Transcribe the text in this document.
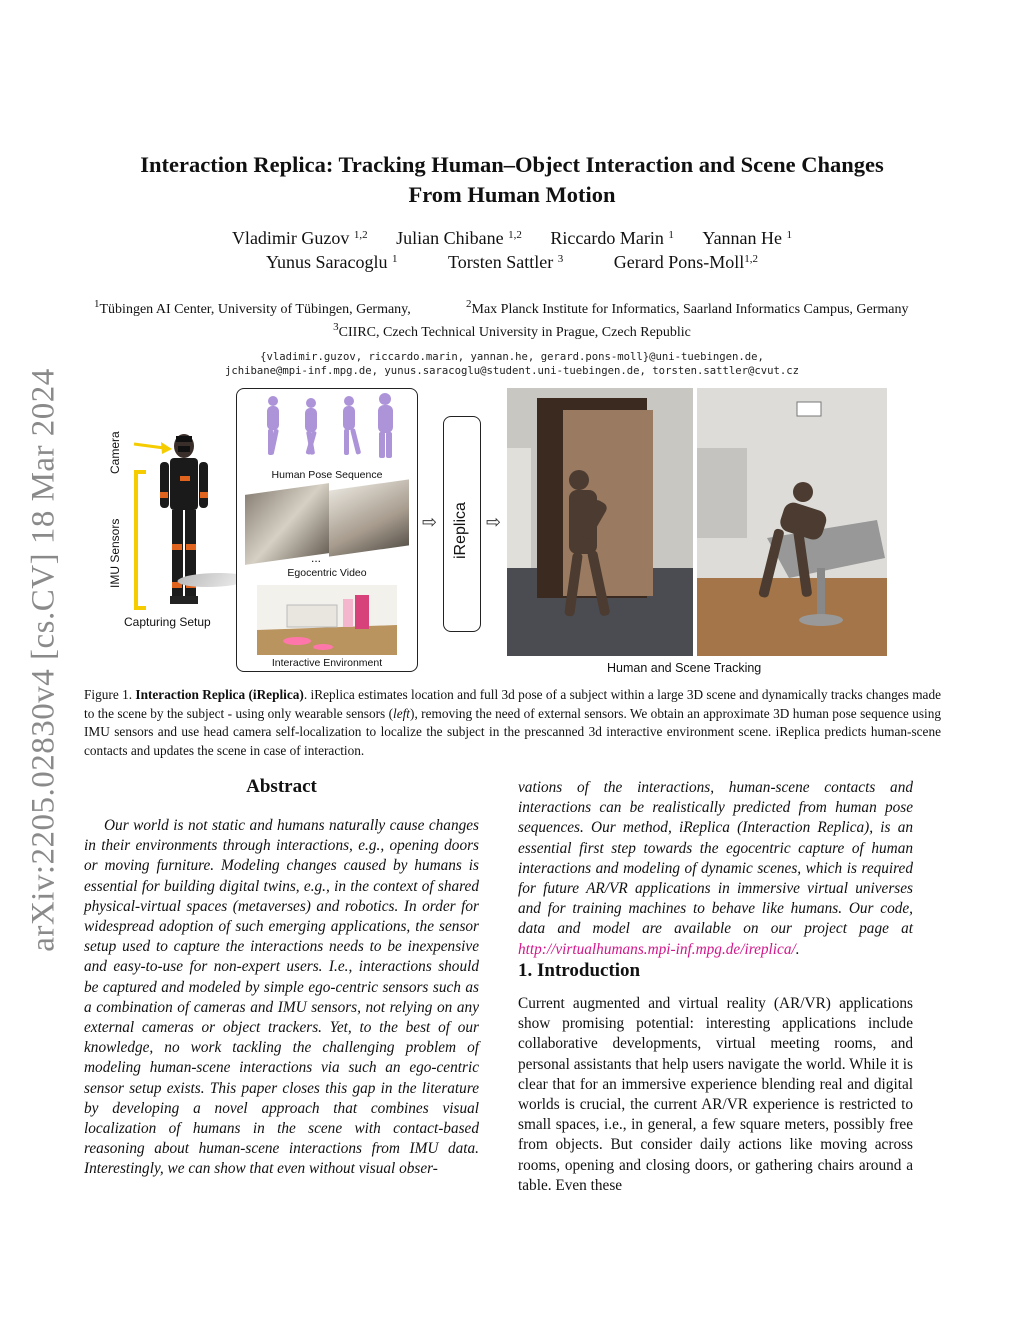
arXiv:2205.02830v4 [cs.CV] 18 Mar 2024
Interaction Replica: Tracking Human–Object Interaction and Scene Changes
From Human Motion
Vladimir Guzov $^{1,2}$ Julian Chibane $^{1,2}$ Riccardo Marin $^1$ Yannan He $^1$
Yunus Saracoglu $^1$	Torsten Sattler $^3$	Gerard Pons-Moll$^{1,2}$
$^1$Tübingen AI Center, University of Tübingen, Germany,	$^2$Max Planck Institute for Informatics, Saarland Informatics Campus, Germany
$^3$CIIRC, Czech Technical University in Prague, Czech Republic
{vladimir.guzov, riccardo.marin, yannan.he, gerard.pons-moll}@uni-tuebingen.de,
jchibane@mpi-inf.mpg.de, yunus.saracoglu@student.uni-tuebingen.de, torsten.sattler@cvut.cz
Camera
IMU Sensors
Capturing Setup
Human Pose Sequence
...
Egocentric Video
Interactive Environment
⇨	⇨
iReplica
Human and Scene Tracking
Figure 1. Interaction Replica (iReplica). iReplica estimates location and full 3d pose of a subject within a large 3D scene and dynamically tracks changes made to the scene by the subject - using only wearable sensors (left), removing the need of external sensors. We obtain an approximate 3D human pose sequence using IMU sensors and use head camera self-localization to localize the subject in the prescanned 3d interactive environment scene. iReplica predicts human-scene contacts and updates the scene in case of interaction.
Abstract
Our world is not static and humans naturally cause changes in their environments through interactions, e.g., opening doors or moving furniture. Modeling changes caused by humans is essential for building digital twins, e.g., in the context of shared physical-virtual spaces (metaverses) and robotics. In order for widespread adoption of such emerging applications, the sensor setup used to capture the interactions needs to be inexpensive and easy-to-use for non-expert users. I.e., interactions should be captured and modeled by simple ego-centric sensors such as a combination of cameras and IMU sensors, not relying on any external cameras or object trackers. Yet, to the best of our knowledge, no work tackling the challenging problem of modeling human-scene interactions via such an ego-centric sensor setup exists. This paper closes this gap in the literature by developing a novel approach that combines visual localization of humans in the scene with contact-based reasoning about human-scene interactions from IMU data. Interestingly, we can show that even without visual obser-
vations of the interactions, human-scene contacts and interactions can be realistically predicted from human pose sequences. Our method, iReplica (Interaction Replica), is an essential first step towards the egocentric capture of human interactions and modeling of dynamic scenes, which is required for future AR/VR applications in immersive virtual universes and for training machines to behave like humans. Our code, data and model are available on our project page at http://virtualhumans.mpi-inf.mpg.de/ireplica/.
1. Introduction
Current augmented and virtual reality (AR/VR) applications show promising potential: interesting applications include collaborative developments, virtual meeting rooms, and personal assistants that help users navigate the world. While it is clear that for an immersive experience blending real and digital worlds is crucial, the current AR/VR experience is restricted to small spaces, i.e., in general, a few square meters, possibly free from objects. But consider daily actions like moving across rooms, opening and closing doors, or gathering chairs around a table. Even these
